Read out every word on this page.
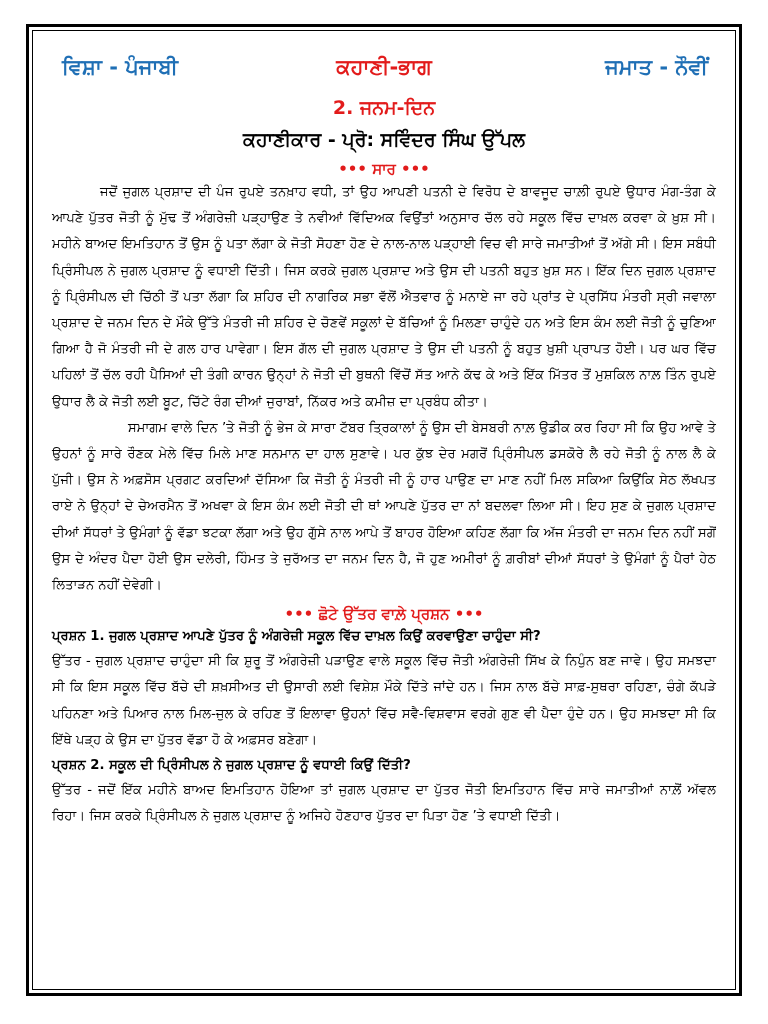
ਕਹਾਣੀ-ਭਾਗ
ਵਿਸ਼ਾ - ਪੰਜਾਬੀ	ਜਮਾਤ - ਨੌਵੀਂ
2. ਜਨਮ-ਦਿਨ
ਕਹਾਣੀਕਾਰ - ਪ੍ਰੋ: ਸਵਿੰਦਰ ਸਿੰਘ ਉੱਪਲ
••• ਸਾਰ •••

ਜਦੋਂ ਜੁਗਲ ਪ੍ਰਸ਼ਾਦ ਦੀ ਪੰਜ ਰੁਪਏ ਤਨਖ਼ਾਹ ਵਧੀ, ਤਾਂ ਉਹ ਆਪਣੀ ਪਤਨੀ ਦੇ ਵਿਰੋਧ ਦੇ ਬਾਵਜੂਦ ਚਾਲ਼ੀ ਰੁਪਏ ਉਧਾਰ ਮੰਗ-ਤੰਗ ਕੇ ਆਪਣੇ ਪੁੱਤਰ ਜੋਤੀ ਨੂੰ ਮੁੱਢ ਤੋਂ ਅੰਗਰੇਜ਼ੀ ਪੜ੍ਹਾਉਣ ਤੇ ਨਵੀਆਂ ਵਿੱਦਿਅਕ ਵਿਉਂਤਾਂ ਅਨੁਸਾਰ ਚੱਲ ਰਹੇ ਸਕੂਲ ਵਿੱਚ ਦਾਖ਼ਲ ਕਰਵਾ ਕੇ ਖ਼ੁਸ਼ ਸੀ। ਮਹੀਨੇ ਬਾਅਦ ਇਮਤਿਹਾਨ ਤੋਂ ਉਸ ਨੂੰ ਪਤਾ ਲੱਗਾ ਕੇ ਜੋਤੀ ਸੋਹਣਾ ਹੋਣ ਦੇ ਨਾਲ-ਨਾਲ ਪੜ੍ਹਾਈ ਵਿਚ ਵੀ ਸਾਰੇ ਜਮਾਤੀਆਂ ਤੋਂ ਅੱਗੇ ਸੀ। ਇਸ ਸਬੰਧੀ ਪ੍ਰਿੰਸੀਪਲ ਨੇ ਜੁਗਲ ਪ੍ਰਸ਼ਾਦ ਨੂੰ ਵਧਾਈ ਦਿੱਤੀ। ਜਿਸ ਕਰਕੇ ਜੁਗਲ ਪ੍ਰਸ਼ਾਦ ਅਤੇ ਉਸ ਦੀ ਪਤਨੀ ਬਹੁਤ ਖ਼ੁਸ਼ ਸਨ। ਇੱਕ ਦਿਨ ਜੁਗਲ ਪ੍ਰਸ਼ਾਦ ਨੂੰ ਪ੍ਰਿੰਸੀਪਲ ਦੀ ਚਿੱਠੀ ਤੋਂ ਪਤਾ ਲੱਗਾ ਕਿ ਸ਼ਹਿਰ ਦੀ ਨਾਗਰਿਕ ਸਭਾ ਵੱਲੋਂ ਐਤਵਾਰ ਨੂੰ ਮਨਾਏ ਜਾ ਰਹੇ ਪ੍ਰਾਂਤ ਦੇ ਪ੍ਰਸਿੱਧ ਮੰਤਰੀ ਸ੍ਰੀ ਜਵਾਲਾ ਪ੍ਰਸ਼ਾਦ ਦੇ ਜਨਮ ਦਿਨ ਦੇ ਮੌਕੇ ਉੱਤੇ ਮੰਤਰੀ ਜੀ ਸ਼ਹਿਰ ਦੇ ਚੋਣਵੇਂ ਸਕੂਲਾਂ ਦੇ ਬੱਚਿਆਂ ਨੂੰ ਮਿਲਣਾ ਚਾਹੁੰਦੇ ਹਨ ਅਤੇ ਇਸ ਕੰਮ ਲਈ ਜੋਤੀ ਨੂੰ ਚੁਣਿਆ ਗਿਆ ਹੈ ਜੋ ਮੰਤਰੀ ਜੀ ਦੇ ਗਲ ਹਾਰ ਪਾਵੇਗਾ। ਇਸ ਗੱਲ ਦੀ ਜੁਗਲ ਪ੍ਰਸ਼ਾਦ ਤੇ ਉਸ ਦੀ ਪਤਨੀ ਨੂੰ ਬਹੁਤ ਖ਼ੁਸ਼ੀ ਪ੍ਰਾਪਤ ਹੋਈ। ਪਰ ਘਰ ਵਿੱਚ ਪਹਿਲਾਂ ਤੋਂ ਚੱਲ ਰਹੀ ਪੈਸਿਆਂ ਦੀ ਤੰਗੀ ਕਾਰਨ ਉਨ੍ਹਾਂ ਨੇ ਜੋਤੀ ਦੀ ਬੁਥਨੀ ਵਿੱਚੋਂ ਸੱਤ ਆਨੇ ਕੱਢ ਕੇ ਅਤੇ ਇੱਕ ਮਿੱਤਰ ਤੋਂ ਮੁਸ਼ਕਿਲ ਨਾਲ਼ ਤਿੰਨ ਰੁਪਏ ਉਧਾਰ ਲੈ ਕੇ ਜੋਤੀ ਲਈ ਬੂਟ, ਚਿੱਟੇ ਰੰਗ ਦੀਆਂ ਜੁਰਾਬਾਂ, ਨਿੱਕਰ ਅਤੇ ਕਮੀਜ਼ ਦਾ ਪ੍ਰਬੰਧ ਕੀਤਾ।

ਸਮਾਗਮ ਵਾਲੇ ਦਿਨ ’ਤੇ ਜੋਤੀ ਨੂੰ ਭੇਜ ਕੇ ਸਾਰਾ ਟੱਬਰ ਤ੍ਰਿਕਾਲਾਂ ਨੂੰ ਉਸ ਦੀ ਬੇਸਬਰੀ ਨਾਲ਼ ਉਡੀਕ ਕਰ ਰਿਹਾ ਸੀ ਕਿ ਉਹ ਆਵੇ ਤੇ ਉਹਨਾਂ ਨੂੰ ਸਾਰੇ ਰੌਣਕ ਮੇਲੇ ਵਿੱਚ ਮਿਲੇ ਮਾਣ ਸਨਮਾਨ ਦਾ ਹਾਲ ਸੁਣਾਵੇ। ਪਰ ਕੁੱਝ ਦੇਰ ਮਗਰੋਂ ਪ੍ਰਿੰਸੀਪਲ ਡਸਕੋਰੇ ਲੈ ਰਹੇ ਜੋਤੀ ਨੂੰ ਨਾਲ ਲੈ ਕੇ ਪੁੱਜੀ। ਉਸ ਨੇ ਅਫ਼ਸੋਸ ਪ੍ਰਗਟ ਕਰਦਿਆਂ ਦੱਸਿਆ ਕਿ ਜੋਤੀ ਨੂੰ ਮੰਤਰੀ ਜੀ ਨੂੰ ਹਾਰ ਪਾਉਣ ਦਾ ਮਾਣ ਨਹੀਂ ਮਿਲ ਸਕਿਆ ਕਿਉਂਕਿ ਸੇਠ ਲੱਖਪਤ ਰਾਏ ਨੇ ਉਨ੍ਹਾਂ ਦੇ ਚੇਅਰਮੈਨ ਤੋਂ ਅਖਵਾ ਕੇ ਇਸ ਕੰਮ ਲਈ ਜੋਤੀ ਦੀ ਥਾਂ ਆਪਣੇ ਪੁੱਤਰ ਦਾ ਨਾਂ ਬਦਲਵਾ ਲਿਆ ਸੀ। ਇਹ ਸੁਣ ਕੇ ਜੁਗਲ ਪ੍ਰਸ਼ਾਦ ਦੀਆਂ ਸੱਧਰਾਂ ਤੇ ਉਮੰਗਾਂ ਨੂੰ ਵੱਡਾ ਝਟਕਾ ਲੱਗਾ ਅਤੇ ਉਹ ਗੁੱਸੇ ਨਾਲ ਆਪੇ ਤੋਂ ਬਾਹਰ ਹੋਇਆ ਕਹਿਣ ਲੱਗਾ ਕਿ ਅੱਜ ਮੰਤਰੀ ਦਾ ਜਨਮ ਦਿਨ ਨਹੀਂ ਸਗੋਂ ਉਸ ਦੇ ਅੰਦਰ ਪੈਦਾ ਹੋਈ ਉਸ ਦਲੇਰੀ, ਹਿੰਮਤ ਤੇ ਜੁਰੱਅਤ ਦਾ ਜਨਮ ਦਿਨ ਹੈ, ਜੋ ਹੁਣ ਅਮੀਰਾਂ ਨੂੰ ਗ਼ਰੀਬਾਂ ਦੀਆਂ ਸੱਧਰਾਂ ਤੇ ਉਮੰਗਾਂ ਨੂੰ ਪੈਰਾਂ ਹੇਠ ਲਿਤਾੜਨ ਨਹੀਂ ਦੇਵੇਗੀ।

••• ਛੋਟੇ ਉੱਤਰ ਵਾਲ਼ੇ ਪ੍ਰਸ਼ਨ •••

ਪ੍ਰਸ਼ਨ 1. ਜੁਗਲ ਪ੍ਰਸ਼ਾਦ ਆਪਣੇ ਪੁੱਤਰ ਨੂੰ ਅੰਗਰੇਜ਼ੀ ਸਕੂਲ ਵਿੱਚ ਦਾਖ਼ਲ ਕਿਉਂ ਕਰਵਾਉਣਾ ਚਾਹੁੰਦਾ ਸੀ?

ਉੱਤਰ - ਜੁਗਲ ਪ੍ਰਸ਼ਾਦ ਚਾਹੁੰਦਾ ਸੀ ਕਿ ਸ਼ੁਰੂ ਤੋਂ ਅੰਗਰੇਜ਼ੀ ਪੜਾਉਣ ਵਾਲੇ ਸਕੂਲ ਵਿੱਚ ਜੋਤੀ ਅੰਗਰੇਜ਼ੀ ਸਿੱਖ ਕੇ ਨਿਪੁੰਨ ਬਣ ਜਾਵੇ। ਉਹ ਸਮਝਦਾ ਸੀ ਕਿ ਇਸ ਸਕੂਲ ਵਿੱਚ ਬੱਚੇ ਦੀ ਸ਼ਖ਼ਸੀਅਤ ਦੀ ਉਸਾਰੀ ਲਈ ਵਿਸ਼ੇਸ਼ ਮੌਕੇ ਦਿੱਤੇ ਜਾਂਦੇ ਹਨ। ਜਿਸ ਨਾਲ ਬੱਚੇ ਸਾਫ਼-ਸੁਥਰਾ ਰਹਿਣਾ, ਚੰਗੇ ਕੱਪੜੇ ਪਹਿਨਣਾ ਅਤੇ ਪਿਆਰ ਨਾਲ ਮਿਲ-ਜੁਲ ਕੇ ਰਹਿਣ ਤੋਂ ਇਲਾਵਾ ਉਹਨਾਂ ਵਿੱਚ ਸਵੈ-ਵਿਸ਼ਵਾਸ ਵਰਗੇ ਗੁਣ ਵੀ ਪੈਦਾ ਹੁੰਦੇ ਹਨ। ਉਹ ਸਮਝਦਾ ਸੀ ਕਿ ਇੱਥੇ ਪੜ੍ਹ ਕੇ ਉਸ ਦਾ ਪੁੱਤਰ ਵੱਡਾ ਹੋ ਕੇ ਅਫ਼ਸਰ ਬਣੇਗਾ।

ਪ੍ਰਸ਼ਨ 2. ਸਕੂਲ ਦੀ ਪ੍ਰਿੰਸੀਪਲ ਨੇ ਜੁਗਲ ਪ੍ਰਸ਼ਾਦ ਨੂੰ ਵਧਾਈ ਕਿਉਂ ਦਿੱਤੀ?

ਉੱਤਰ - ਜਦੋਂ ਇੱਕ ਮਹੀਨੇ ਬਾਅਦ ਇਮਤਿਹਾਨ ਹੋਇਆ ਤਾਂ ਜੁਗਲ ਪ੍ਰਸ਼ਾਦ ਦਾ ਪੁੱਤਰ ਜੋਤੀ ਇਮਤਿਹਾਨ ਵਿੱਚ ਸਾਰੇ ਜਮਾਤੀਆਂ ਨਾਲ਼ੋਂ ਅੱਵਲ ਰਿਹਾ। ਜਿਸ ਕਰਕੇ ਪ੍ਰਿੰਸੀਪਲ ਨੇ ਜੁਗਲ ਪ੍ਰਸ਼ਾਦ ਨੂੰ ਅਜਿਹੇ ਹੋਣਹਾਰ ਪੁੱਤਰ ਦਾ ਪਿਤਾ ਹੋਣ ’ਤੇ ਵਧਾਈ ਦਿੱਤੀ।
